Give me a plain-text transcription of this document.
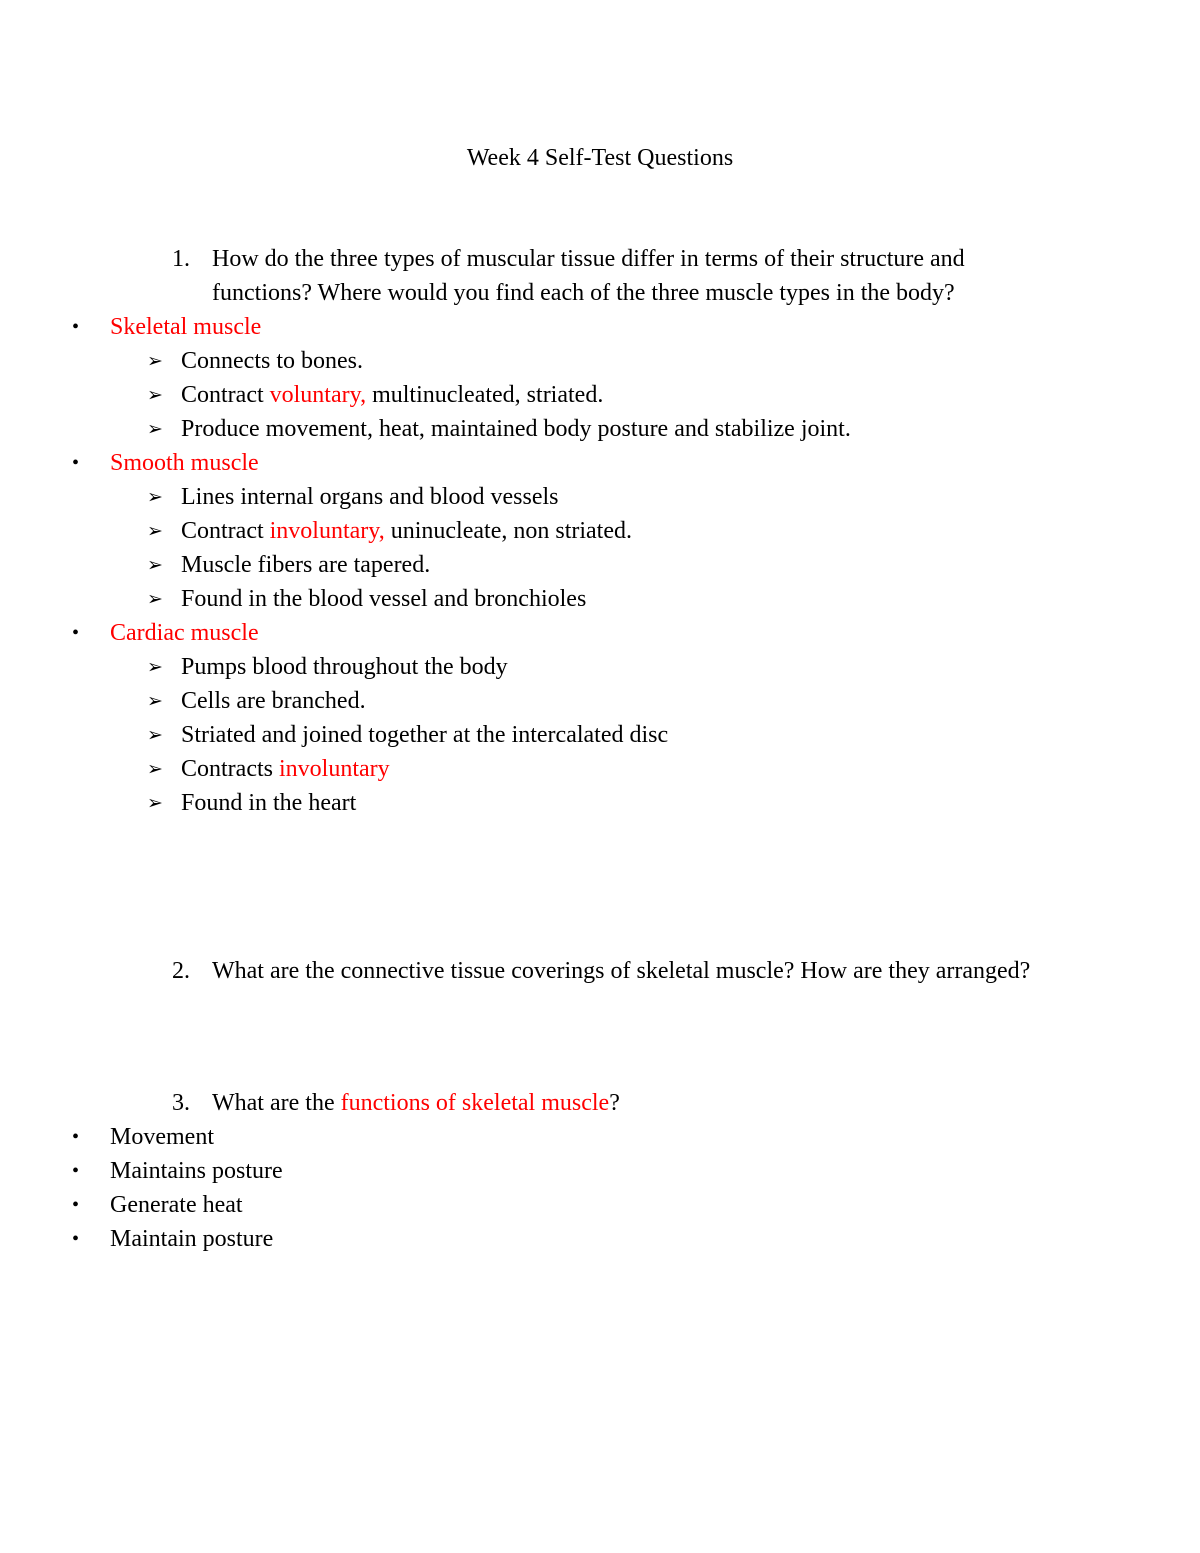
Week 4 Self-Test Questions
1. How do the three types of muscular tissue differ in terms of their structure and functions? Where would you find each of the three muscle types in the body?
• Skeletal muscle
➢ Connects to bones.
➢ Contract voluntary, multinucleated, striated.
➢ Produce movement, heat, maintained body posture and stabilize joint.
• Smooth muscle
➢ Lines internal organs and blood vessels
➢ Contract involuntary, uninucleate, non striated.
➢ Muscle fibers are tapered.
➢ Found in the blood vessel and bronchioles
• Cardiac muscle
➢ Pumps blood throughout the body
➢ Cells are branched.
➢ Striated and joined together at the intercalated disc
➢ Contracts involuntary
➢ Found in the heart
2. What are the connective tissue coverings of skeletal muscle? How are they arranged?
3. What are the functions of skeletal muscle?
• Movement
• Maintains posture
• Generate heat
• Maintain posture
